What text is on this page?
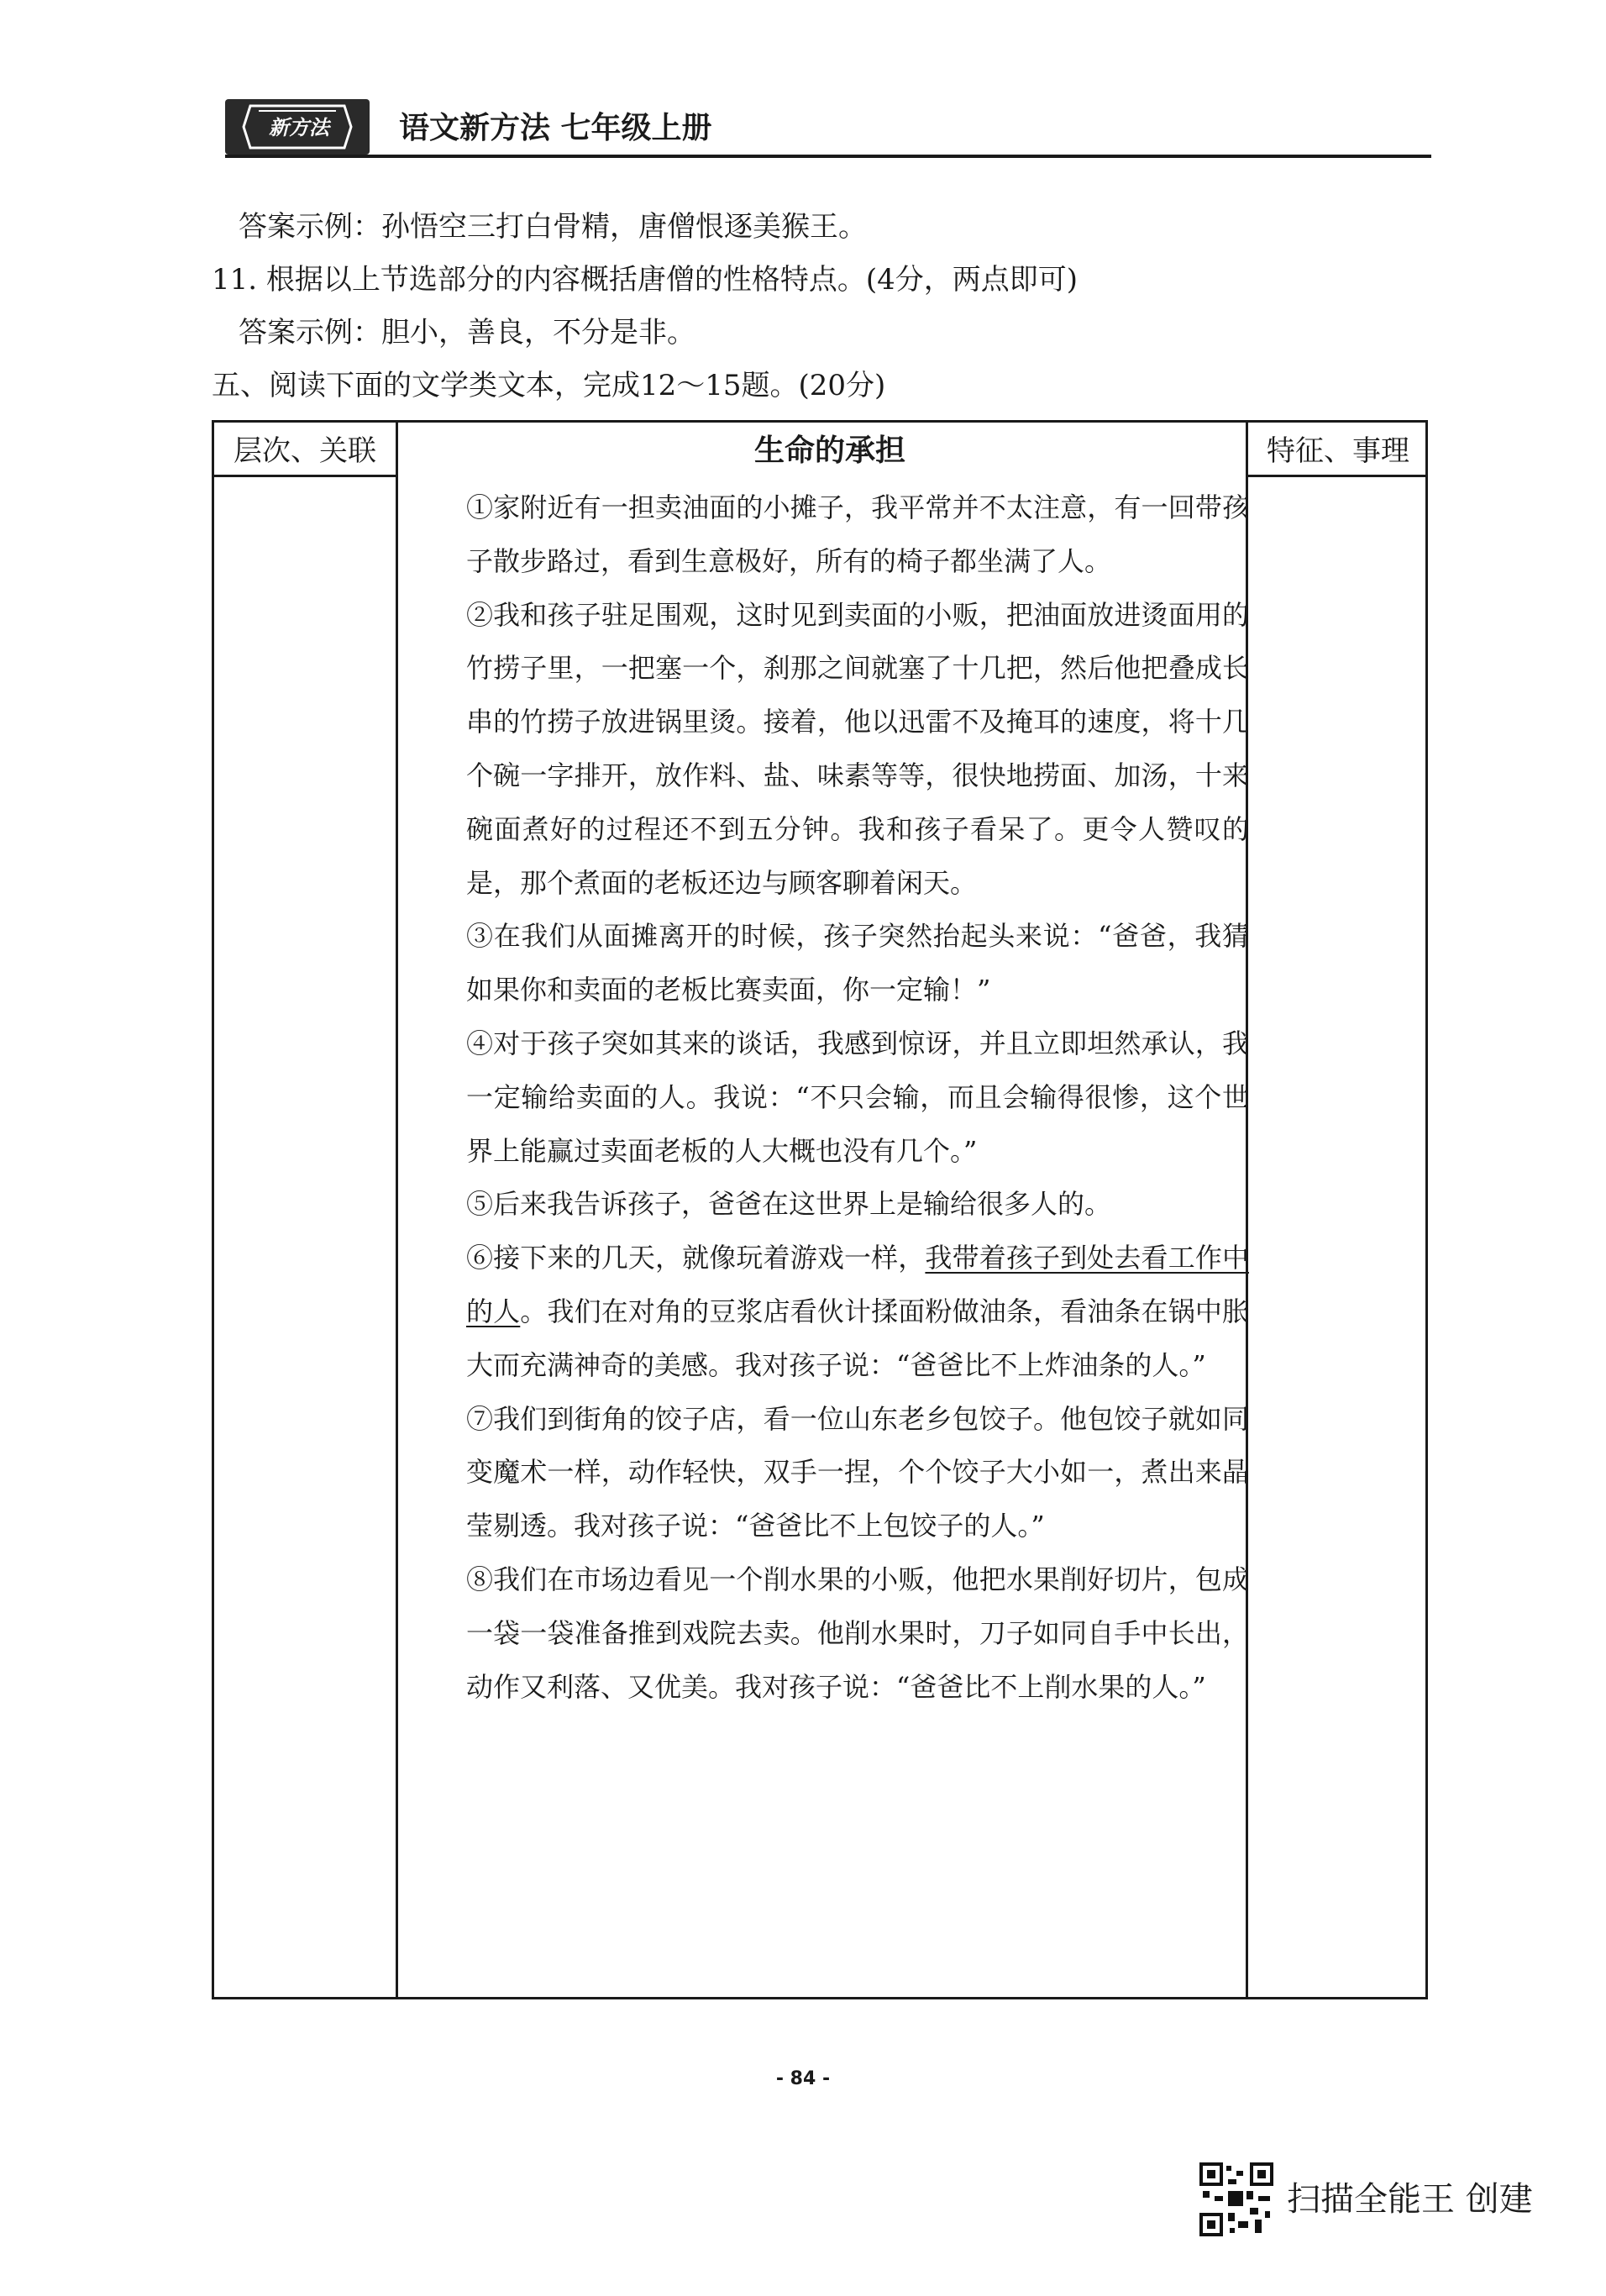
新方法 语文新方法 七年级上册
答案示例：孙悟空三打白骨精，唐僧恨逐美猴王。
11. 根据以上节选部分的内容概括唐僧的性格特点。(4分，两点即可)
答案示例：胆小，善良，不分是非。
五、阅读下面的文学类文本，完成12～15题。(20分)
层次、关联	生命的承担	特征、事理
①家附近有一担卖油面的小摊子，我平常并不太注意，有一回带孩子散步路过，看到生意极好，所有的椅子都坐满了人。
②我和孩子驻足围观，这时见到卖面的小贩，把油面放进烫面用的竹捞子里，一把塞一个，刹那之间就塞了十几把，然后他把叠成长串的竹捞子放进锅里烫。接着，他以迅雷不及掩耳的速度，将十几个碗一字排开，放作料、盐、味素等等，很快地捞面、加汤，十来碗面煮好的过程还不到五分钟。我和孩子看呆了。更令人赞叹的是，那个煮面的老板还边与顾客聊着闲天。
③在我们从面摊离开的时候，孩子突然抬起头来说：“爸爸，我猜如果你和卖面的老板比赛卖面，你一定输！”
④对于孩子突如其来的谈话，我感到惊讶，并且立即坦然承认，我一定输给卖面的人。我说：“不只会输，而且会输得很惨，这个世界上能赢过卖面老板的人大概也没有几个。”
⑤后来我告诉孩子，爸爸在这世界上是输给很多人的。
⑥接下来的几天，就像玩着游戏一样，我带着孩子到处去看工作中的人。我们在对角的豆浆店看伙计揉面粉做油条，看油条在锅中胀大而充满神奇的美感。我对孩子说：“爸爸比不上炸油条的人。”
⑦我们到街角的饺子店，看一位山东老乡包饺子。他包饺子就如同变魔术一样，动作轻快，双手一捏，个个饺子大小如一，煮出来晶莹剔透。我对孩子说：“爸爸比不上包饺子的人。”
⑧我们在市场边看见一个削水果的小贩，他把水果削好切片，包成一袋一袋准备推到戏院去卖。他削水果时，刀子如同自手中长出，动作又利落、又优美。我对孩子说：“爸爸比不上削水果的人。”
- 84 -
扫描全能王 创建
